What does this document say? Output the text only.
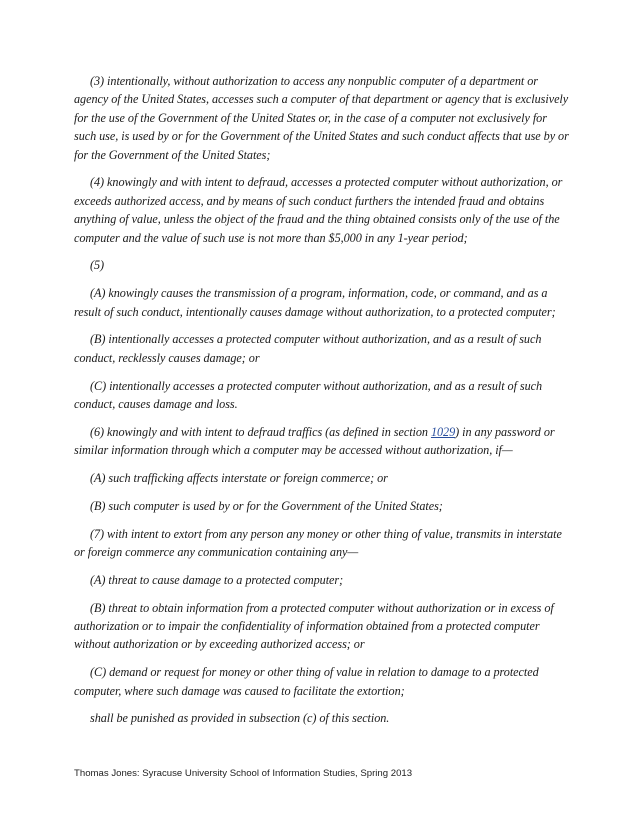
(3) intentionally, without authorization to access any nonpublic computer of a department or agency of the United States, accesses such a computer of that department or agency that is exclusively for the use of the Government of the United States or, in the case of a computer not exclusively for such use, is used by or for the Government of the United States and such conduct affects that use by or for the Government of the United States;

(4) knowingly and with intent to defraud, accesses a protected computer without authorization, or exceeds authorized access, and by means of such conduct furthers the intended fraud and obtains anything of value, unless the object of the fraud and the thing obtained consists only of the use of the computer and the value of such use is not more than $5,000 in any 1-year period;

(5)

(A) knowingly causes the transmission of a program, information, code, or command, and as a result of such conduct, intentionally causes damage without authorization, to a protected computer;

(B) intentionally accesses a protected computer without authorization, and as a result of such conduct, recklessly causes damage; or

(C) intentionally accesses a protected computer without authorization, and as a result of such conduct, causes damage and loss.

(6) knowingly and with intent to defraud traffics (as defined in section 1029) in any password or similar information through which a computer may be accessed without authorization, if—

(A) such trafficking affects interstate or foreign commerce; or

(B) such computer is used by or for the Government of the United States;

(7) with intent to extort from any person any money or other thing of value, transmits in interstate or foreign commerce any communication containing any—

(A) threat to cause damage to a protected computer;

(B) threat to obtain information from a protected computer without authorization or in excess of authorization or to impair the confidentiality of information obtained from a protected computer without authorization or by exceeding authorized access; or

(C) demand or request for money or other thing of value in relation to damage to a protected computer, where such damage was caused to facilitate the extortion;

shall be punished as provided in subsection (c) of this section.

Thomas Jones: Syracuse University School of Information Studies, Spring 2013
